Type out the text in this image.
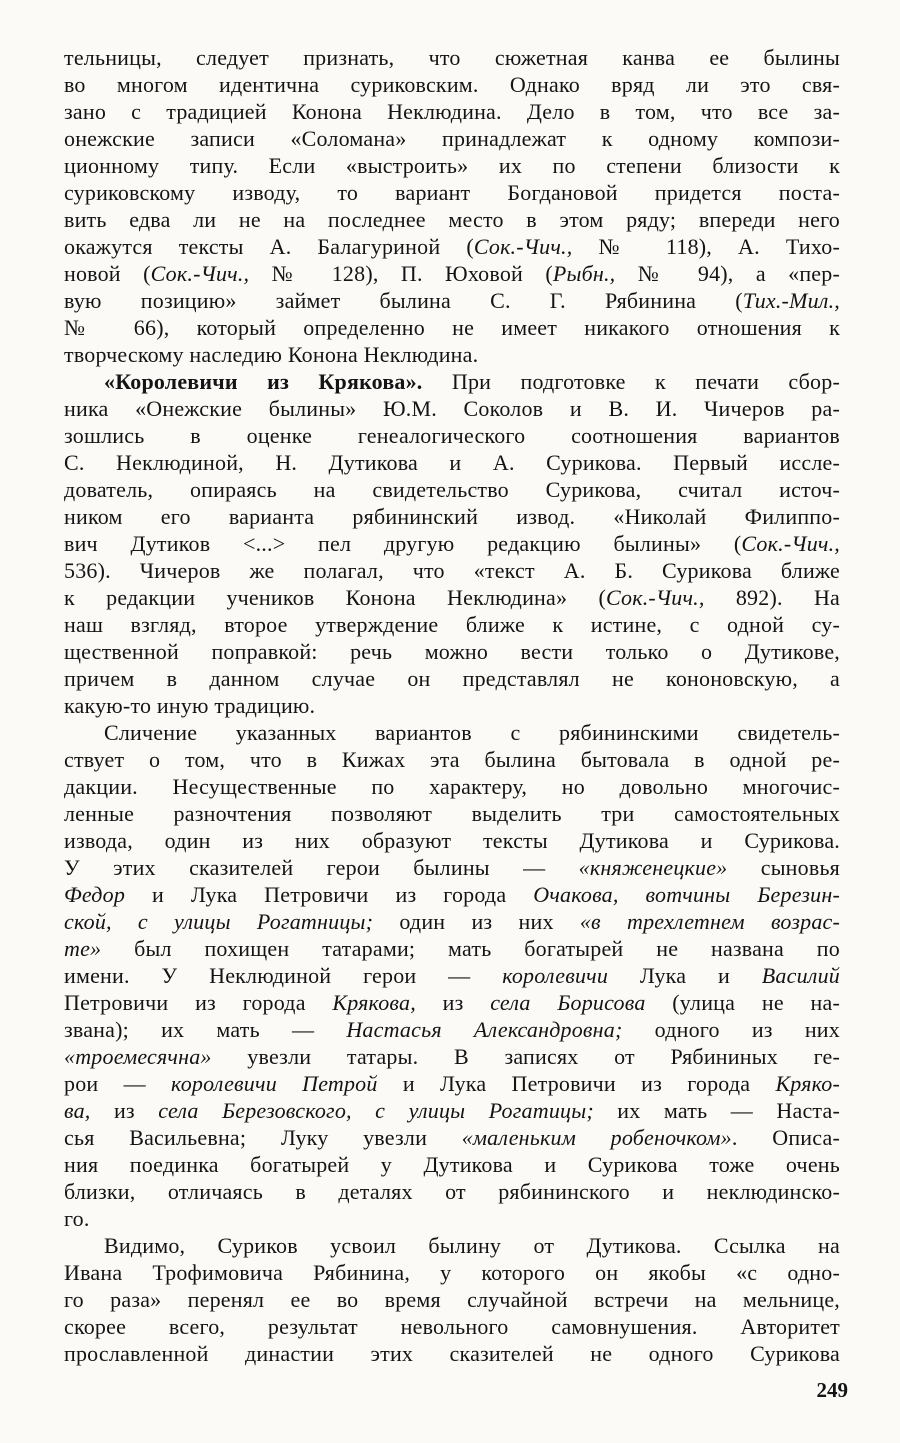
тельницы, следует признать, что сюжетная канва ее былины
во многом идентична суриковским. Однако вряд ли это свя-
зано с традицией Конона Неклюдина. Дело в том, что все за-
онежские записи «Соломана» принадлежат к одному компози-
ционному типу. Если «выстроить» их по степени близости к
суриковскому изводу, то вариант Богдановой придется поста-
вить едва ли не на последнее место в этом ряду; впереди него
окажутся тексты А. Балагуриной (Сок.-Чич., № 118), А. Тихо-
новой (Сок.-Чич., № 128), П. Юховой (Рыбн., № 94), а «пер-
вую позицию» займет былина С. Г. Рябинина (Тих.-Мил.,
№ 66), который определенно не имеет никакого отношения к
творческому наследию Конона Неклюдина.
«Королевичи из Крякова». При подготовке к печати сбор-
ника «Онежские былины» Ю.М. Соколов и В. И. Чичеров ра-
зошлись в оценке генеалогического соотношения вариантов
С. Неклюдиной, Н. Дутикова и А. Сурикова. Первый иссле-
дователь, опираясь на свидетельство Сурикова, считал источ-
ником его варианта рябининский извод. «Николай Филиппо-
вич Дутиков <...> пел другую редакцию былины» (Сок.-Чич.,
536). Чичеров же полагал, что «текст А. Б. Сурикова ближе
к редакции учеников Конона Неклюдина» (Сок.-Чич., 892). На
наш взгляд, второе утверждение ближе к истине, с одной су-
щественной поправкой: речь можно вести только о Дутикове,
причем в данном случае он представлял не кононовскую, а
какую-то иную традицию.
Сличение указанных вариантов с рябининскими свидетель-
ствует о том, что в Кижах эта былина бытовала в одной ре-
дакции. Несущественные по характеру, но довольно многочис-
ленные разночтения позволяют выделить три самостоятельных
извода, один из них образуют тексты Дутикова и Сурикова.
У этих сказителей герои былины — «княженецкие» сыновья
Федор и Лука Петровичи из города Очакова, вотчины Березин-
ской, с улицы Рогатницы; один из них «в трехлетнем возрас-
те» был похищен татарами; мать богатырей не названа по
имени. У Неклюдиной герои — королевичи Лука и Василий
Петровичи из города Крякова, из села Борисова (улица не на-
звана); их мать — Настасья Александровна; одного из них
«троемесячна» увезли татары. В записях от Рябининых ге-
рои — королевичи Петрой и Лука Петровичи из города Кряко-
ва, из села Березовского, с улицы Рогатицы; их мать — Наста-
сья Васильевна; Луку увезли «маленьким робеночком». Описа-
ния поединка богатырей у Дутикова и Сурикова тоже очень
близки, отличаясь в деталях от рябининского и неклюдинско-
го.
Видимо, Суриков усвоил былину от Дутикова. Ссылка на
Ивана Трофимовича Рябинина, у которого он якобы «с одно-
го раза» перенял ее во время случайной встречи на мельнице,
скорее всего, результат невольного самовнушения. Авторитет
прославленной династии этих сказителей не одного Сурикова
249
